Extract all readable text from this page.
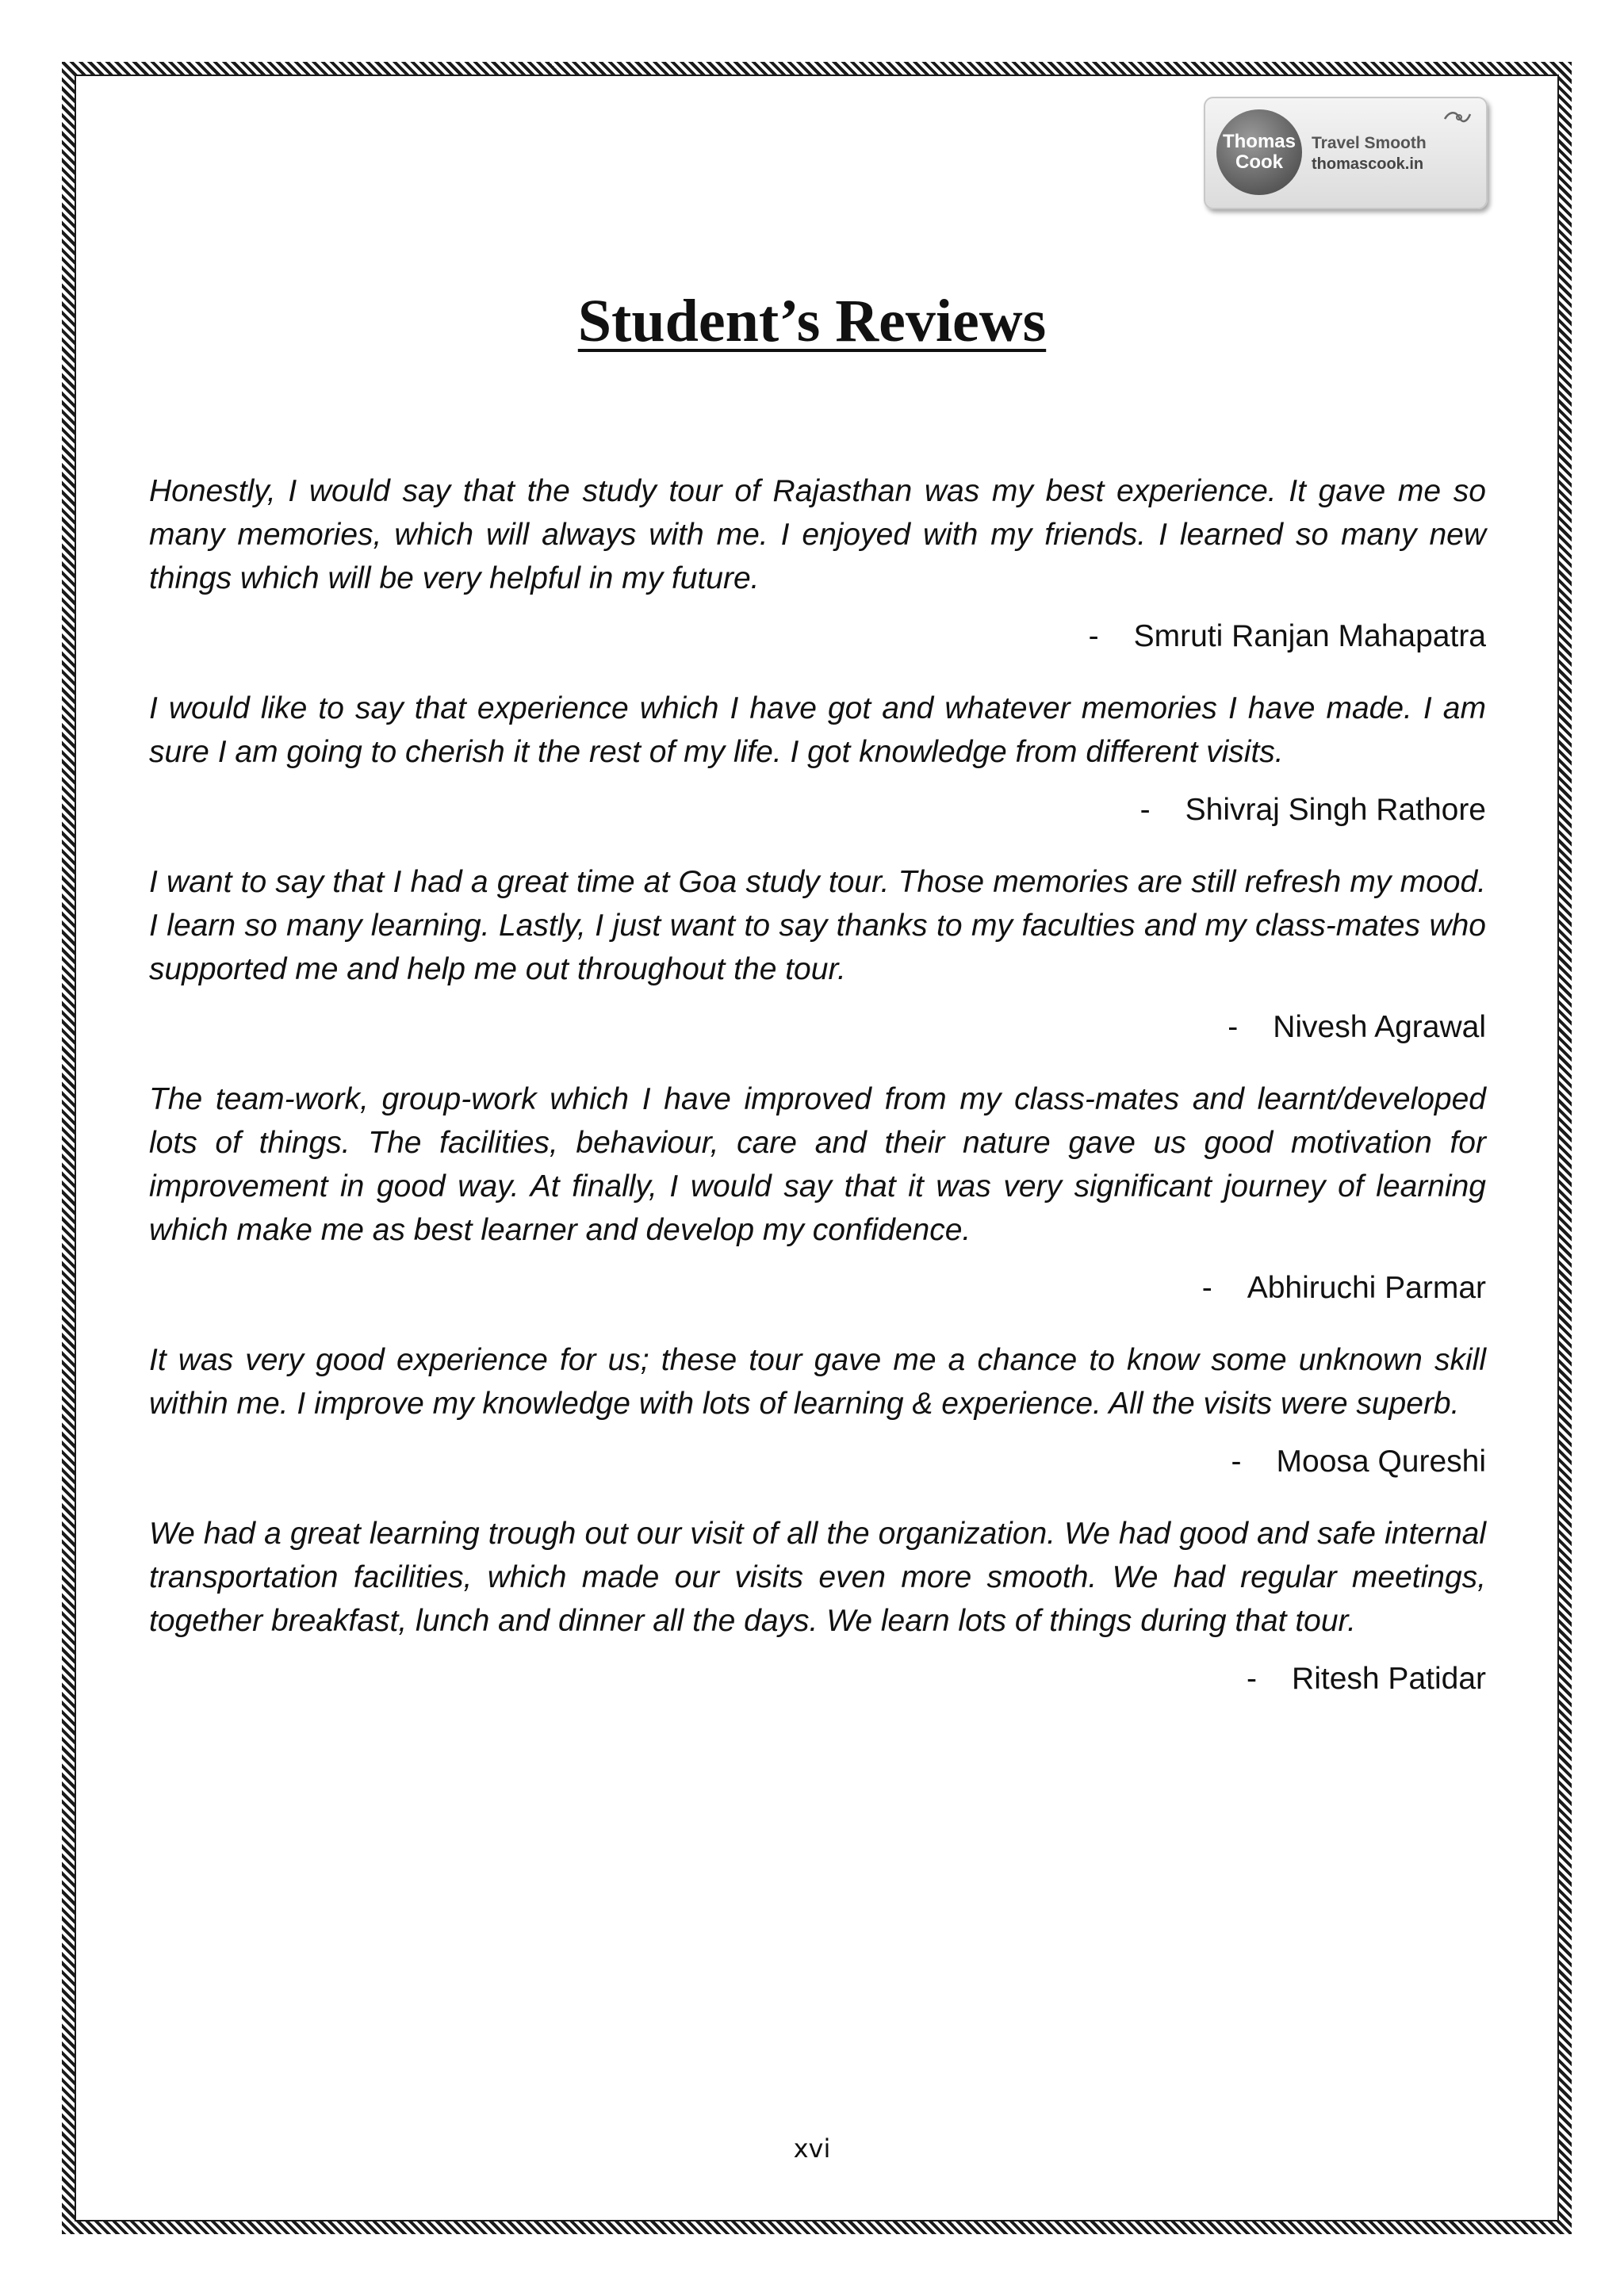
Thomas
Cook
Travel Smooth
thomascook.in
Student’s Reviews

Honestly, I would say that the study tour of Rajasthan was my best experience. It gave me so many memories, which will always with me. I enjoyed with my friends. I learned so many new things which will be very helpful in my future.

- Smruti Ranjan Mahapatra

I would like to say that experience which I have got and whatever memories I have made. I am sure I am going to cherish it the rest of my life. I got knowledge from different visits.

- Shivraj Singh Rathore

I want to say that I had a great time at Goa study tour. Those memories are still refresh my mood. I learn so many learning. Lastly, I just want to say thanks to my faculties and my class-mates who supported me and help me out throughout the tour.

- Nivesh Agrawal

The team-work, group-work which I have improved from my class-mates and learnt/developed lots of things. The facilities, behaviour, care and their nature gave us good motivation for improvement in good way. At finally, I would say that it was very significant journey of learning which make me as best learner and develop my confidence.

- Abhiruchi Parmar

It was very good experience for us; these tour gave me a chance to know some unknown skill within me. I improve my knowledge with lots of learning & experience. All the visits were superb.

- Moosa Qureshi

We had a great learning trough out our visit of all the organization. We had good and safe internal transportation facilities, which made our visits even more smooth. We had regular meetings, together breakfast, lunch and dinner all the days. We learn lots of things during that tour.

- Ritesh Patidar

xvi
